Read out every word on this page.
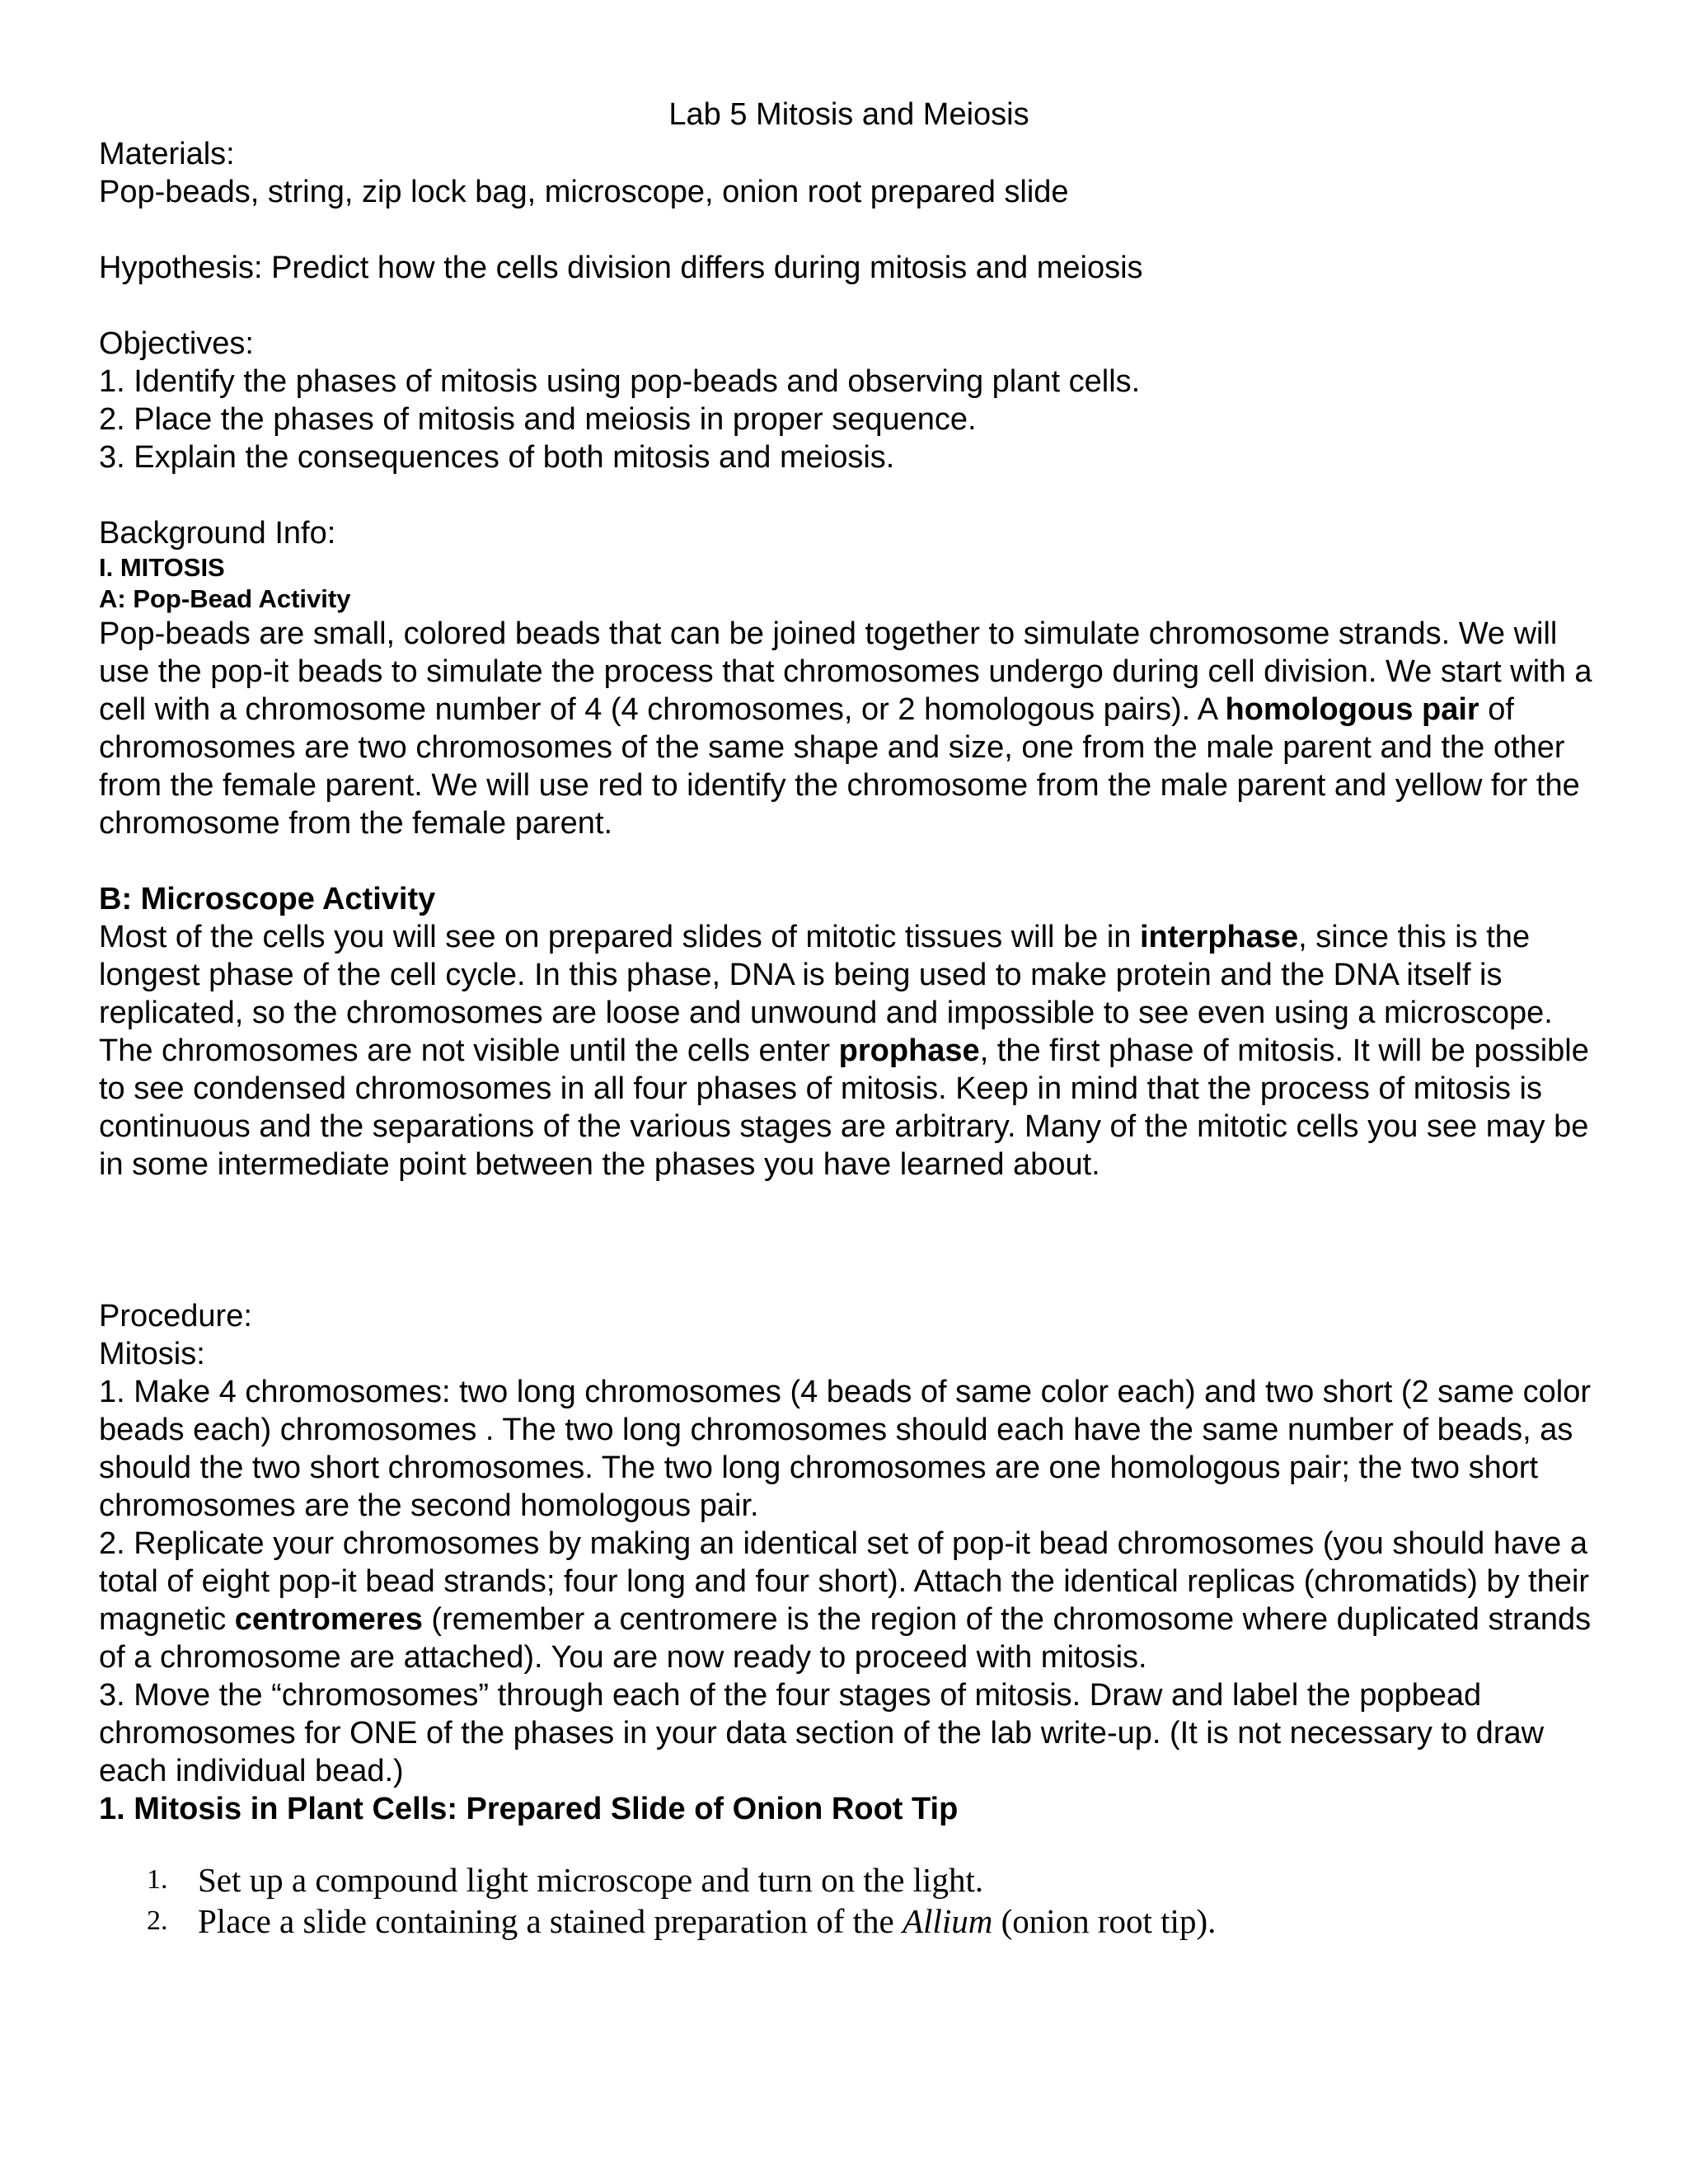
Lab 5 Mitosis and Meiosis

Materials:

Pop-beads, string, zip lock bag, microscope, onion root prepared slide

Hypothesis: Predict how the cells division differs during mitosis and meiosis

Objectives:

1. Identify the phases of mitosis using pop-beads and observing plant cells.

2. Place the phases of mitosis and meiosis in proper sequence.

3. Explain the consequences of both mitosis and meiosis.

Background Info:

I. MITOSIS

A: Pop-Bead Activity

Pop-beads are small, colored beads that can be joined together to simulate chromosome strands. We will use the pop-it beads to simulate the process that chromosomes undergo during cell division. We start with a cell with a chromosome number of 4 (4 chromosomes, or 2 homologous pairs). A homologous pair of chromosomes are two chromosomes of the same shape and size, one from the male parent and the other from the female parent. We will use red to identify the chromosome from the male parent and yellow for the chromosome from the female parent.

B: Microscope Activity

Most of the cells you will see on prepared slides of mitotic tissues will be in interphase, since this is the longest phase of the cell cycle. In this phase, DNA is being used to make protein and the DNA itself is replicated, so the chromosomes are loose and unwound and impossible to see even using a microscope. The chromosomes are not visible until the cells enter prophase, the first phase of mitosis. It will be possible to see condensed chromosomes in all four phases of mitosis. Keep in mind that the process of mitosis is continuous and the separations of the various stages are arbitrary. Many of the mitotic cells you see may be in some intermediate point between the phases you have learned about.

Procedure:

Mitosis:

1. Make 4 chromosomes: two long chromosomes (4 beads of same color each) and two short (2 same color beads each) chromosomes . The two long chromosomes should each have the same number of beads, as should the two short chromosomes. The two long chromosomes are one homologous pair; the two short chromosomes are the second homologous pair.

2. Replicate your chromosomes by making an identical set of pop-it bead chromosomes (you should have a total of eight pop-it bead strands; four long and four short). Attach the identical replicas (chromatids) by their magnetic centromeres (remember a centromere is the region of the chromosome where duplicated strands of a chromosome are attached). You are now ready to proceed with mitosis.

3. Move the “chromosomes” through each of the four stages of mitosis. Draw and label the popbead chromosomes for ONE of the phases in your data section of the lab write-up. (It is not necessary to draw each individual bead.)

1. Mitosis in Plant Cells: Prepared Slide of Onion Root Tip

1. Set up a compound light microscope and turn on the light.
2. Place a slide containing a stained preparation of the Allium (onion root tip).
